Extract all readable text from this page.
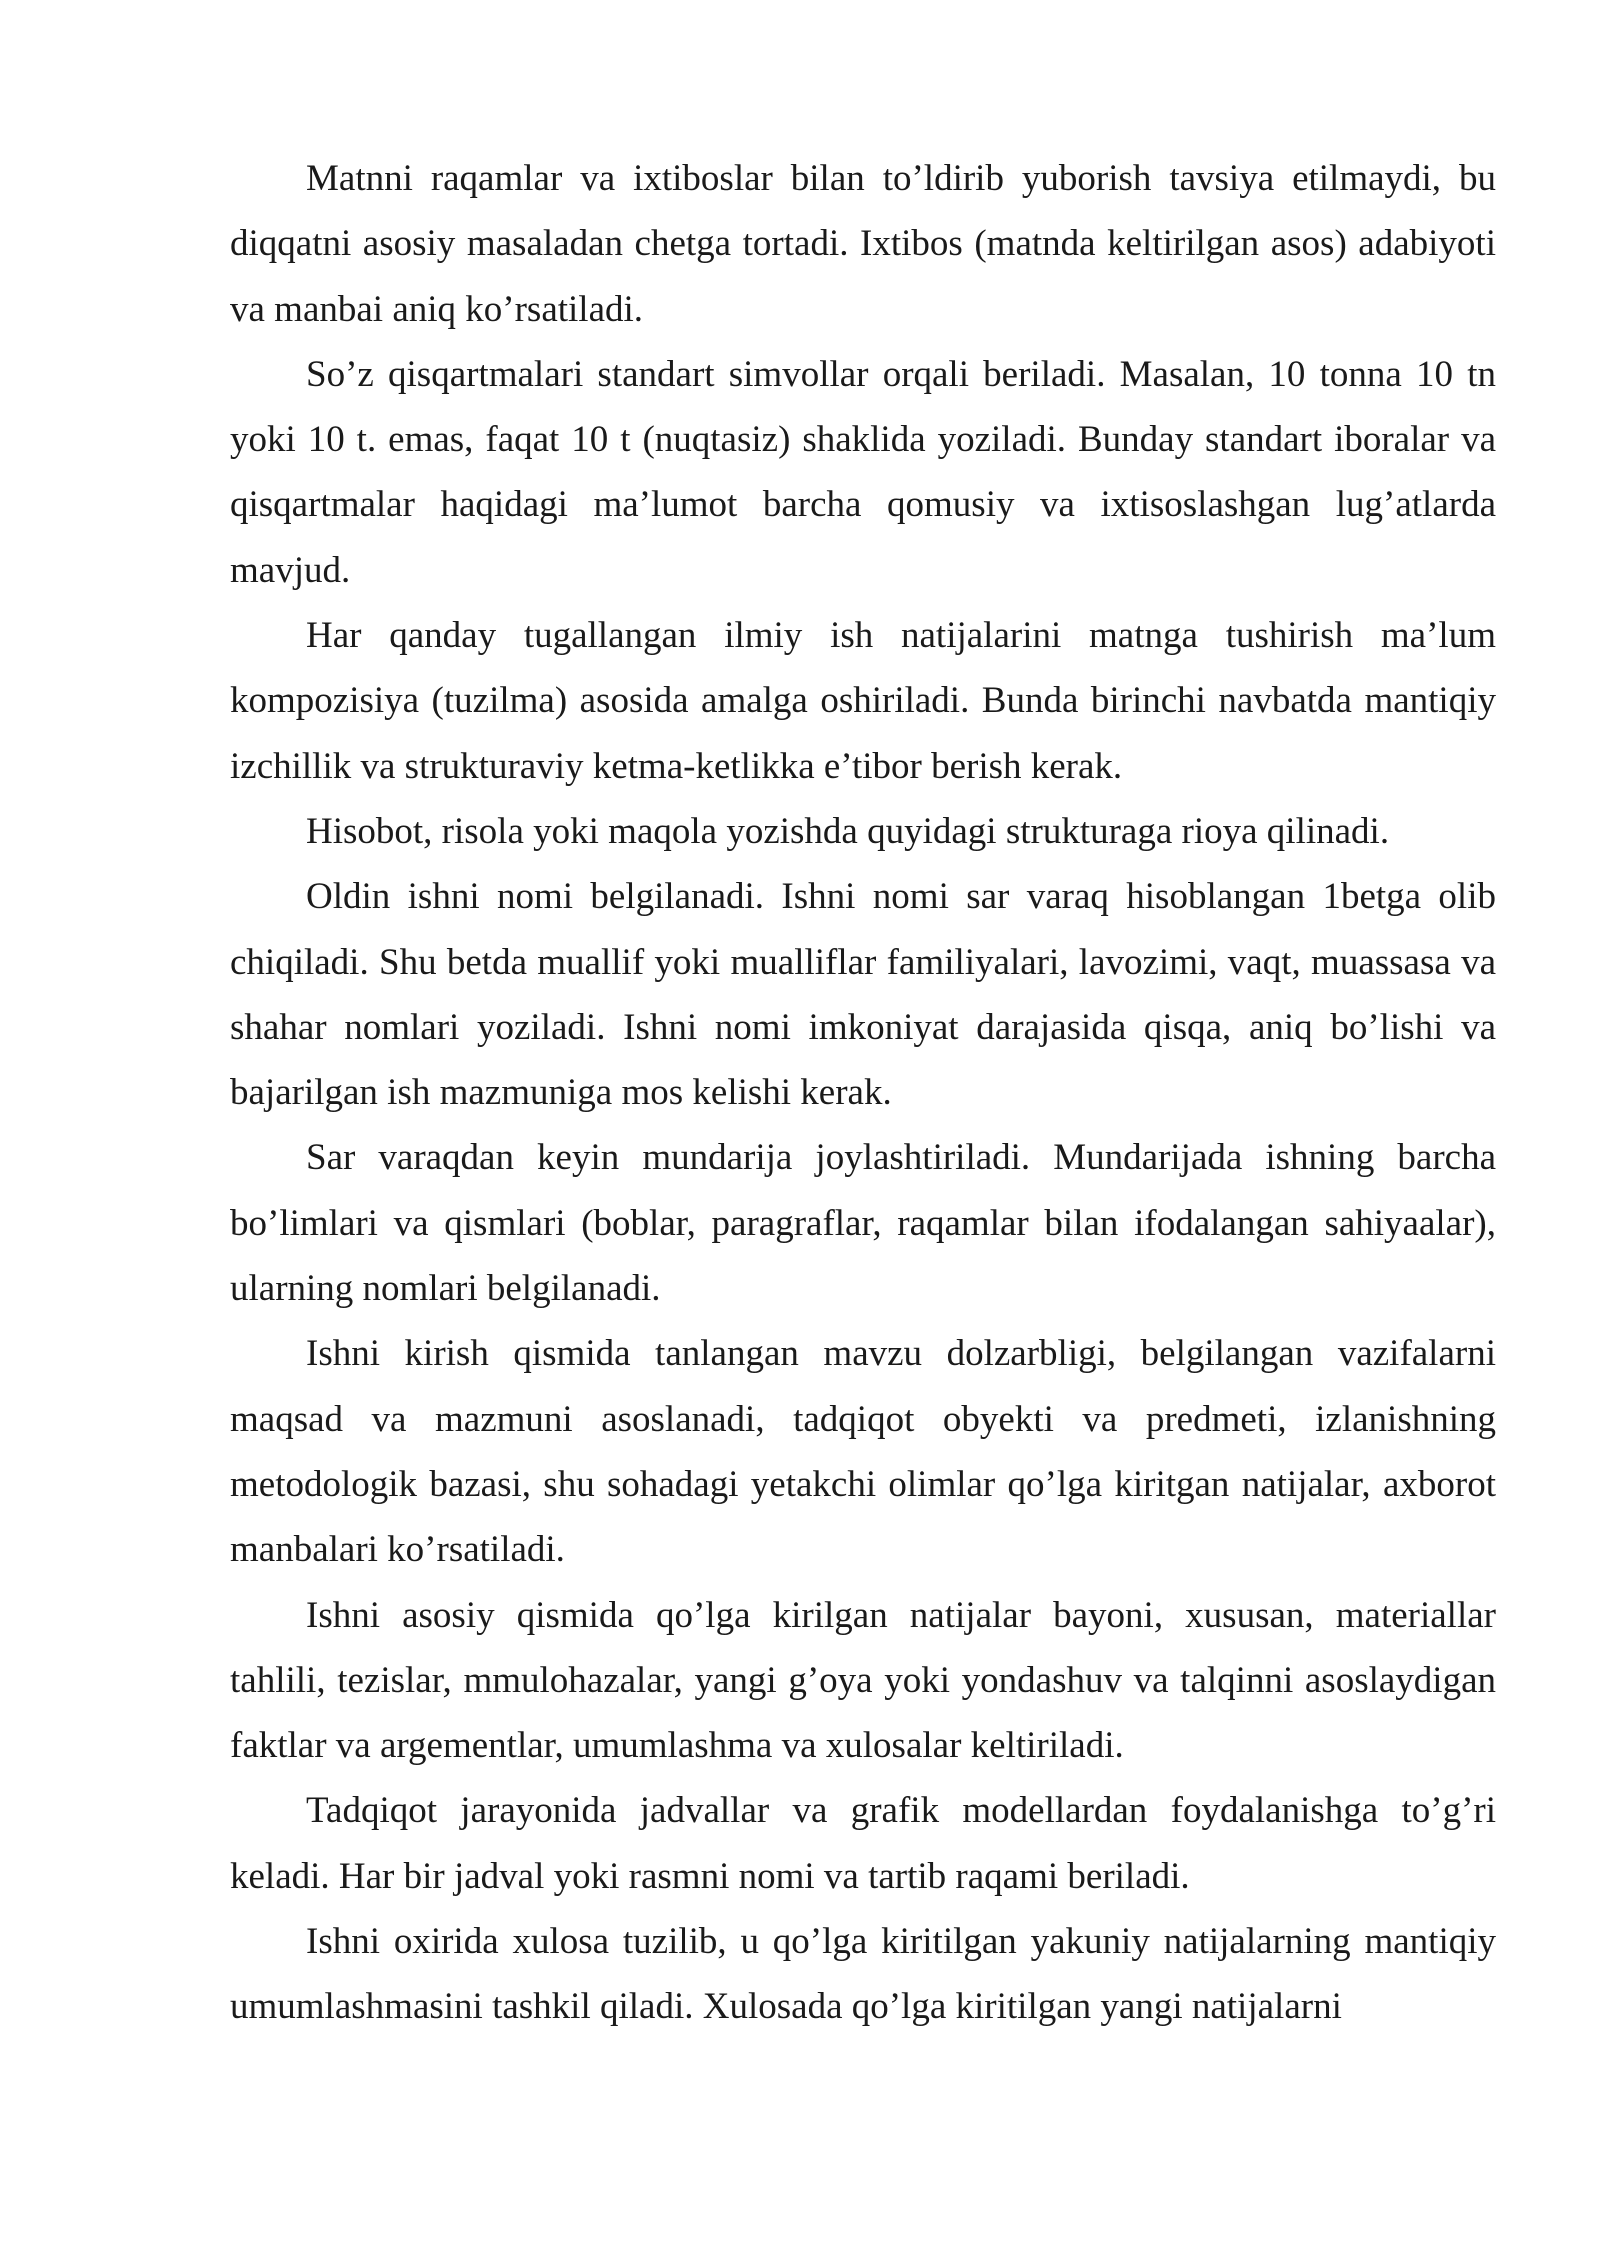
Matnni raqamlar va ixtiboslar bilan to’ldirib yuborish tavsiya etilmaydi, bu diqqatni asosiy masaladan chetga tortadi. Ixtibos (matnda keltirilgan asos) adabiyoti va manbai aniq ko’rsatiladi.

So’z qisqartmalari standart simvollar orqali beriladi. Masalan, 10 tonna 10 tn yoki 10 t. emas, faqat 10 t (nuqtasiz) shaklida yoziladi. Bunday standart iboralar va qisqartmalar haqidagi ma’lumot barcha qomusiy va ixtisoslashgan lug’atlarda mavjud.

Har qanday tugallangan ilmiy ish natijalarini matnga tushirish ma’lum kompozisiya (tuzilma) asosida amalga oshiriladi. Bunda birinchi navbatda mantiqiy izchillik va strukturaviy ketma-ketlikka e’tibor berish kerak.

Hisobot, risola yoki maqola yozishda quyidagi strukturaga rioya qilinadi.

Oldin ishni nomi belgilanadi. Ishni nomi sar varaq hisoblangan 1betga olib chiqiladi. Shu betda muallif yoki mualliflar familiyalari, lavozimi, vaqt, muassasa va shahar nomlari yoziladi. Ishni nomi imkoniyat darajasida qisqa, aniq bo’lishi va bajarilgan ish mazmuniga mos kelishi kerak.

Sar varaqdan keyin mundarija joylashtiriladi. Mundarijada ishning barcha bo’limlari va qismlari (boblar, paragraflar, raqamlar bilan ifodalangan sahiyaalar), ularning nomlari belgilanadi.

Ishni kirish qismida tanlangan mavzu dolzarbligi, belgilangan vazifalarni maqsad va mazmuni asoslanadi, tadqiqot obyekti va predmeti, izlanishning metodologik bazasi, shu sohadagi yetakchi olimlar qo’lga kiritgan natijalar, axborot manbalari ko’rsatiladi.

Ishni asosiy qismida qo’lga kirilgan natijalar bayoni, xususan, materiallar tahlili, tezislar, mmulohazalar, yangi g’oya yoki yondashuv va talqinni asoslaydigan faktlar va argementlar, umumlashma va xulosalar keltiriladi.

Tadqiqot jarayonida jadvallar va grafik modellardan foydalanishga to’g’ri keladi. Har bir jadval yoki rasmni nomi va tartib raqami beriladi.

Ishni oxirida xulosa tuzilib, u qo’lga kiritilgan yakuniy natijalarning mantiqiy umumlashmasini tashkil qiladi. Xulosada qo’lga kiritilgan yangi natijalarni
